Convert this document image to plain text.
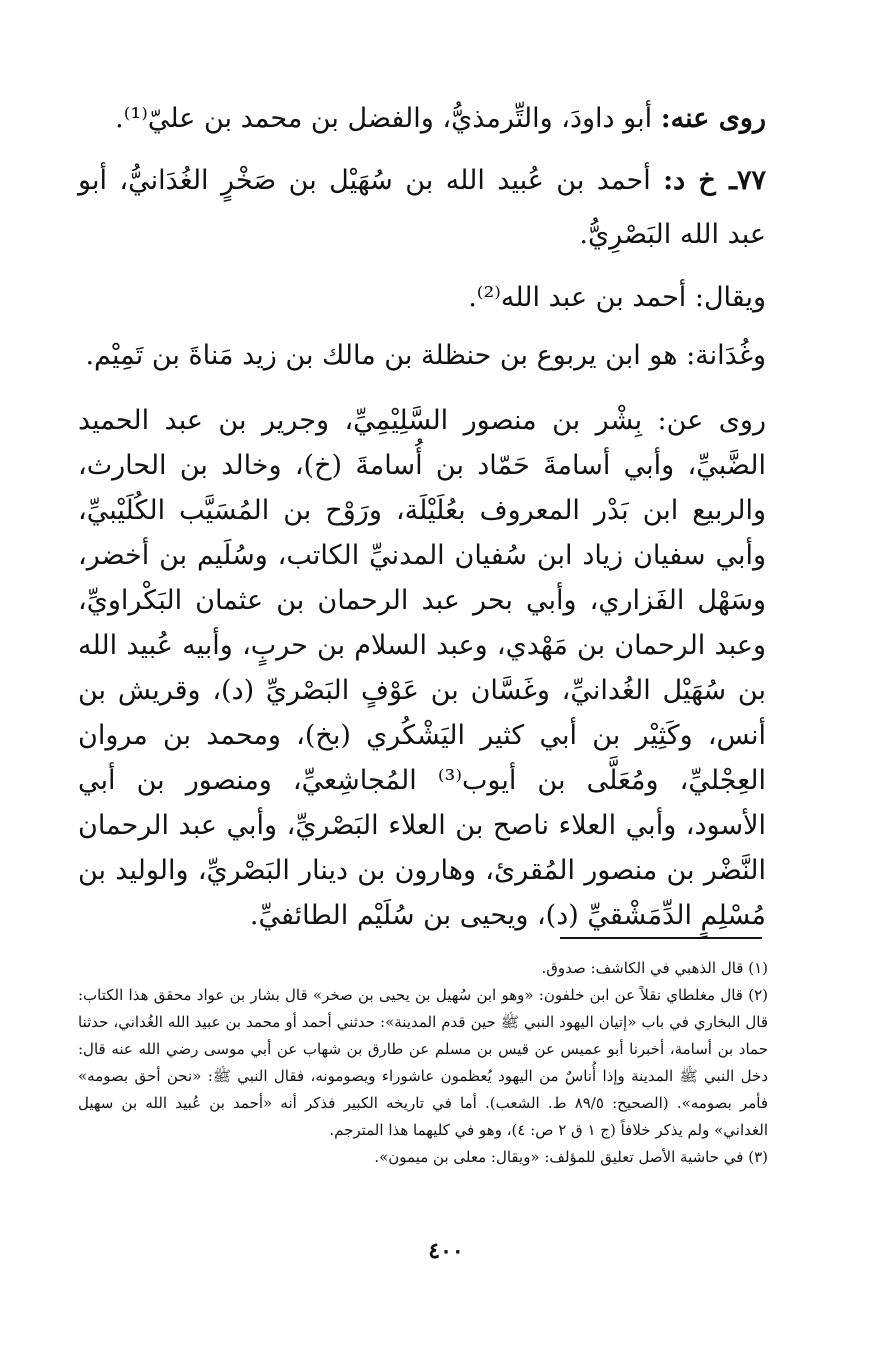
روى عنه: أبو داودَ، والتِّرمذيُّ، والفضل بن محمد بن عليّ⁽¹⁾.

٧٧ـ خ د: أحمد بن عُبيد الله بن سُهَيْل بن صَخْرٍ الغُدَانيُّ، أبو عبد الله البَصْرِيُّ.

ويقال: أحمد بن عبد الله⁽²⁾.

وغُدَانة: هو ابن يربوع بن حنظلة بن مالك بن زيد مَناةَ بن تَمِيْم.

روى عن: بِشْر بن منصور السَّلِيْمِيِّ، وجرير بن عبد الحميد الضَّبيِّ، وأبي أسامةَ حَمّاد بن أُسامةَ (خ)، وخالد بن الحارث، والربيع ابن بَدْر المعروف بعُلَيْلَة، ورَوْح بن المُسَيَّب الكُلَيْبيِّ، وأبي سفيان زياد ابن سُفيان المدنيِّ الكاتب، وسُلَيم بن أخضر، وسَهْل الفَزاري، وأبي بحر عبد الرحمان بن عثمان البَكْراويِّ، وعبد الرحمان بن مَهْدي، وعبد السلام بن حربٍ، وأبيه عُبيد الله بن سُهَيْل الغُدانيِّ، وغَسَّان بن عَوْفٍ البَصْريِّ (د)، وقريش بن أنس، وكَثِيْر بن أبي كثير اليَشْكُري (بخ)، ومحمد بن مروان العِجْليِّ، ومُعَلَّى بن أيوب⁽³⁾ المُجاشِعيِّ، ومنصور بن أبي الأسود، وأبي العلاء ناصح بن العلاء البَصْريِّ، وأبي عبد الرحمان النَّضْر بن منصور المُقرئ، وهارون بن دينار البَصْريِّ، والوليد بن مُسْلِمٍ الدِّمَشْقيِّ (د)، ويحيى بن سُلَيْم الطائفيِّ.

(١) قال الذهبي في الكاشف: صدوق.

(٢) قال مغلطاي نقلاً عن ابن خلفون: «وهو ابن سُهيل بن يحيى بن صخر» قال بشار بن عواد محقق هذا الكتاب: قال البخاري في باب «إتيان اليهود النبي ﷺ حين قدم المدينة»: حدثني أحمد أو محمد بن عبيد الله الغُداني، حدثنا حماد بن أسامة، أخبرنا أبو عميس عن قيس بن مسلم عن طارق بن شهاب عن أبي موسى رضي الله عنه قال: دخل النبي ﷺ المدينة وإذا أُناسٌ من اليهود يُعظمون عاشوراء ويصومونه، فقال النبي ﷺ: «نحن أحق بصومه» فأمر بصومه». (الصحيح: ٨٩/٥ ط. الشعب). أما في تاريخه الكبير فذكر أنه «أحمد بن عُبيد الله بن سهيل الغداني» ولم يذكر خلافاً (ج ١ ق ٢ ص: ٤)، وهو في كليهما هذا المترجم.

(٣) في حاشية الأصل تعليق للمؤلف: «ويقال: معلى بن ميمون».

٤٠٠
